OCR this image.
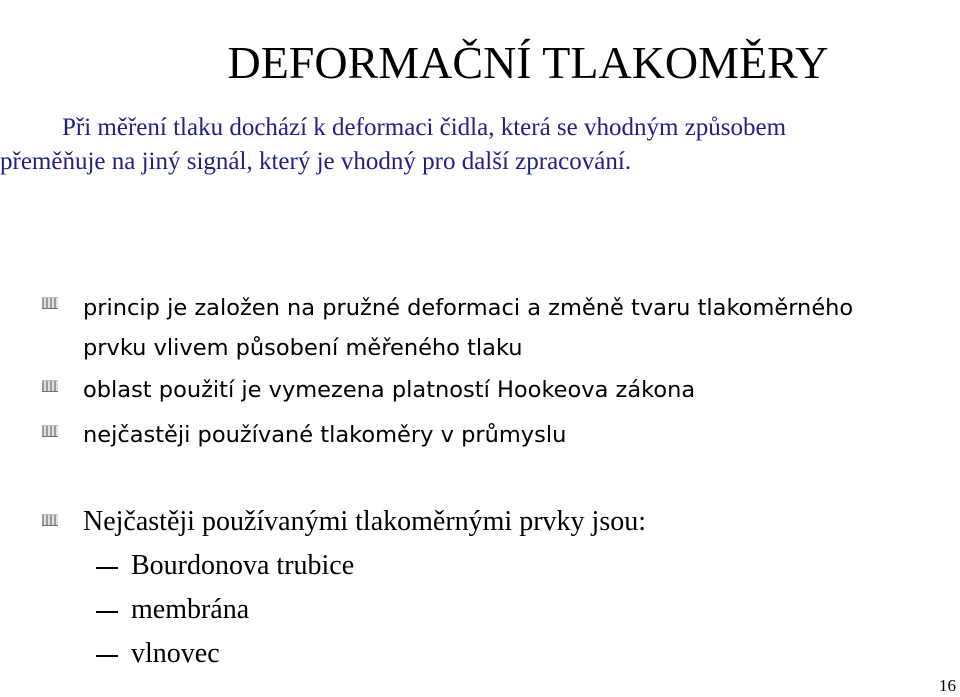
DEFORMAČNÍ TLAKOMĚRY
Při měření tlaku dochází k deformaci čidla, která se vhodným způsobem
přeměňuje na jiný signál, který je vhodný pro další zpracování.
princip je založen na pružné deformaci a změně tvaru tlakoměrného
prvku vlivem působení měřeného tlaku
oblast použití je vymezena platností Hookeova zákona
nejčastěji používané tlakoměry v průmyslu
Nejčastěji používanými tlakoměrnými prvky jsou:
Bourdonova trubice
membrána
vlnovec
16
